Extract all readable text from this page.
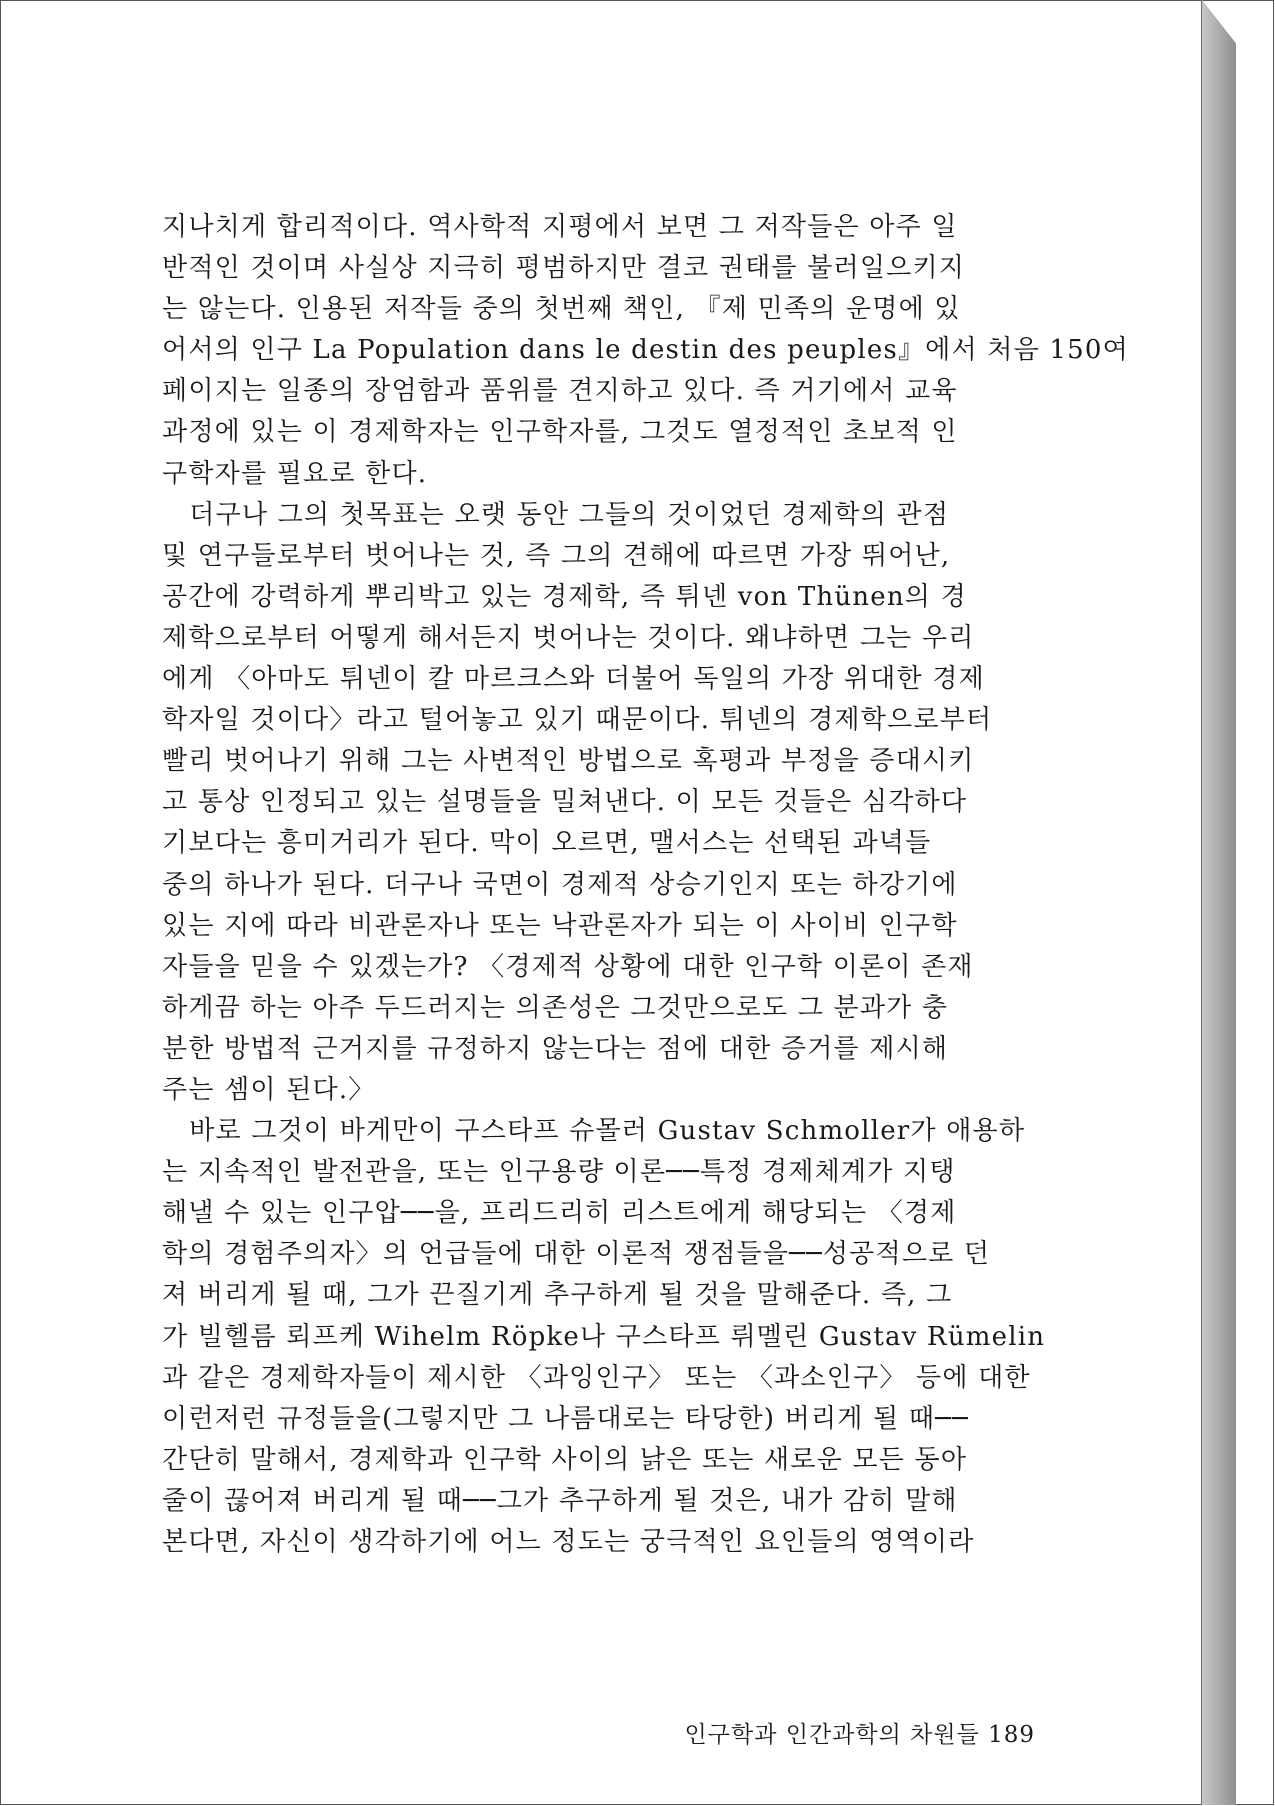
지나치게 합리적이다. 역사학적 지평에서 보면 그 저작들은 아주 일
반적인 것이며 사실상 지극히 평범하지만 결코 권태를 불러일으키지
는 않는다. 인용된 저작들 중의 첫번째 책인, 『제 민족의 운명에 있
어서의 인구 La Population dans le destin des peuples』에서 처음 150여
페이지는 일종의 장엄함과 품위를 견지하고 있다. 즉 거기에서 교육
과정에 있는 이 경제학자는 인구학자를, 그것도 열정적인 초보적 인
구학자를 필요로 한다.
　더구나 그의 첫목표는 오랫 동안 그들의 것이었던 경제학의 관점
및 연구들로부터 벗어나는 것, 즉 그의 견해에 따르면 가장 뛰어난,
공간에 강력하게 뿌리박고 있는 경제학, 즉 튀넨 von Thünen의 경
제학으로부터 어떻게 해서든지 벗어나는 것이다. 왜냐하면 그는 우리
에게 〈아마도 튀넨이 칼 마르크스와 더불어 독일의 가장 위대한 경제
학자일 것이다〉라고 털어놓고 있기 때문이다. 튀넨의 경제학으로부터
빨리 벗어나기 위해 그는 사변적인 방법으로 혹평과 부정을 증대시키
고 통상 인정되고 있는 설명들을 밀쳐낸다. 이 모든 것들은 심각하다
기보다는 흥미거리가 된다. 막이 오르면, 맬서스는 선택된 과녁들
중의 하나가 된다. 더구나 국면이 경제적 상승기인지 또는 하강기에
있는 지에 따라 비관론자나 또는 낙관론자가 되는 이 사이비 인구학
자들을 믿을 수 있겠는가? 〈경제적 상황에 대한 인구학 이론이 존재
하게끔 하는 아주 두드러지는 의존성은 그것만으로도 그 분과가 충
분한 방법적 근거지를 규정하지 않는다는 점에 대한 증거를 제시해
주는 셈이 된다.〉
　바로 그것이 바게만이 구스타프 슈몰러 Gustav Schmoller가 애용하
는 지속적인 발전관을, 또는 인구용량 이론──특정 경제체계가 지탱
해낼 수 있는 인구압──을, 프리드리히 리스트에게 해당되는 〈경제
학의 경험주의자〉의 언급들에 대한 이론적 쟁점들을──성공적으로 던
져 버리게 될 때, 그가 끈질기게 추구하게 될 것을 말해준다. 즉, 그
가 빌헬름 뢰프케 Wihelm Röpke나 구스타프 뤼멜린 Gustav Rümelin
과 같은 경제학자들이 제시한 〈과잉인구〉 또는 〈과소인구〉 등에 대한
이런저런 규정들을(그렇지만 그 나름대로는 타당한) 버리게 될 때──
간단히 말해서, 경제학과 인구학 사이의 낡은 또는 새로운 모든 동아
줄이 끊어져 버리게 될 때──그가 추구하게 될 것은, 내가 감히 말해
본다면, 자신이 생각하기에 어느 정도는 궁극적인 요인들의 영역이라
인구학과 인간과학의 차원들 189
